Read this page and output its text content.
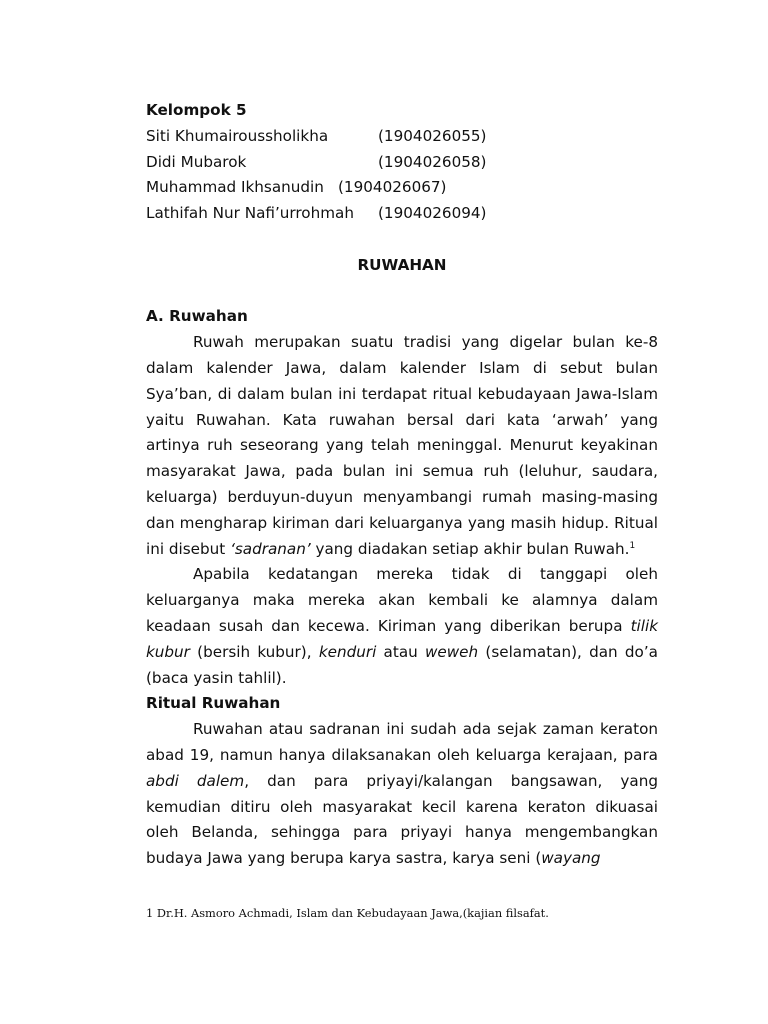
Kelompok 5

Siti Khumairoussholikha	(1904026055)

Didi Mubarok	(1904026058)

Muhammad Ikhsanudin (1904026067)

Lathifah Nur Nafi’urrohmah	(1904026094)

RUWAHAN

A. Ruwahan

Ruwah merupakan suatu tradisi yang digelar bulan ke-8 dalam kalender Jawa, dalam kalender Islam di sebut bulan Sya’ban, di dalam bulan ini terdapat ritual kebudayaan Jawa-Islam yaitu Ruwahan. Kata ruwahan bersal dari kata ‘arwah’ yang artinya ruh seseorang yang telah meninggal. Menurut keyakinan masyarakat Jawa, pada bulan ini semua ruh (leluhur, saudara, keluarga) berduyun-duyun menyambangi rumah masing-masing dan mengharap kiriman dari keluarganya yang masih hidup. Ritual ini disebut ‘sadranan’ yang diadakan setiap akhir bulan Ruwah.$^1$

Apabila kedatangan mereka tidak di tanggapi oleh keluarganya maka mereka akan kembali ke alamnya dalam keadaan susah dan kecewa. Kiriman yang diberikan berupa tilik kubur (bersih kubur), kenduri atau weweh (selamatan), dan do’a (baca yasin tahlil).

Ritual Ruwahan

Ruwahan atau sadranan ini sudah ada sejak zaman keraton abad 19, namun hanya dilaksanakan oleh keluarga kerajaan, para abdi dalem, dan para priyayi/kalangan bangsawan, yang kemudian ditiru oleh masyarakat kecil karena keraton dikuasai oleh Belanda, sehingga para priyayi hanya mengembangkan budaya Jawa yang berupa karya sastra, karya seni (wayang

1 Dr.H. Asmoro Achmadi, Islam dan Kebudayaan Jawa,(kajian filsafat.
